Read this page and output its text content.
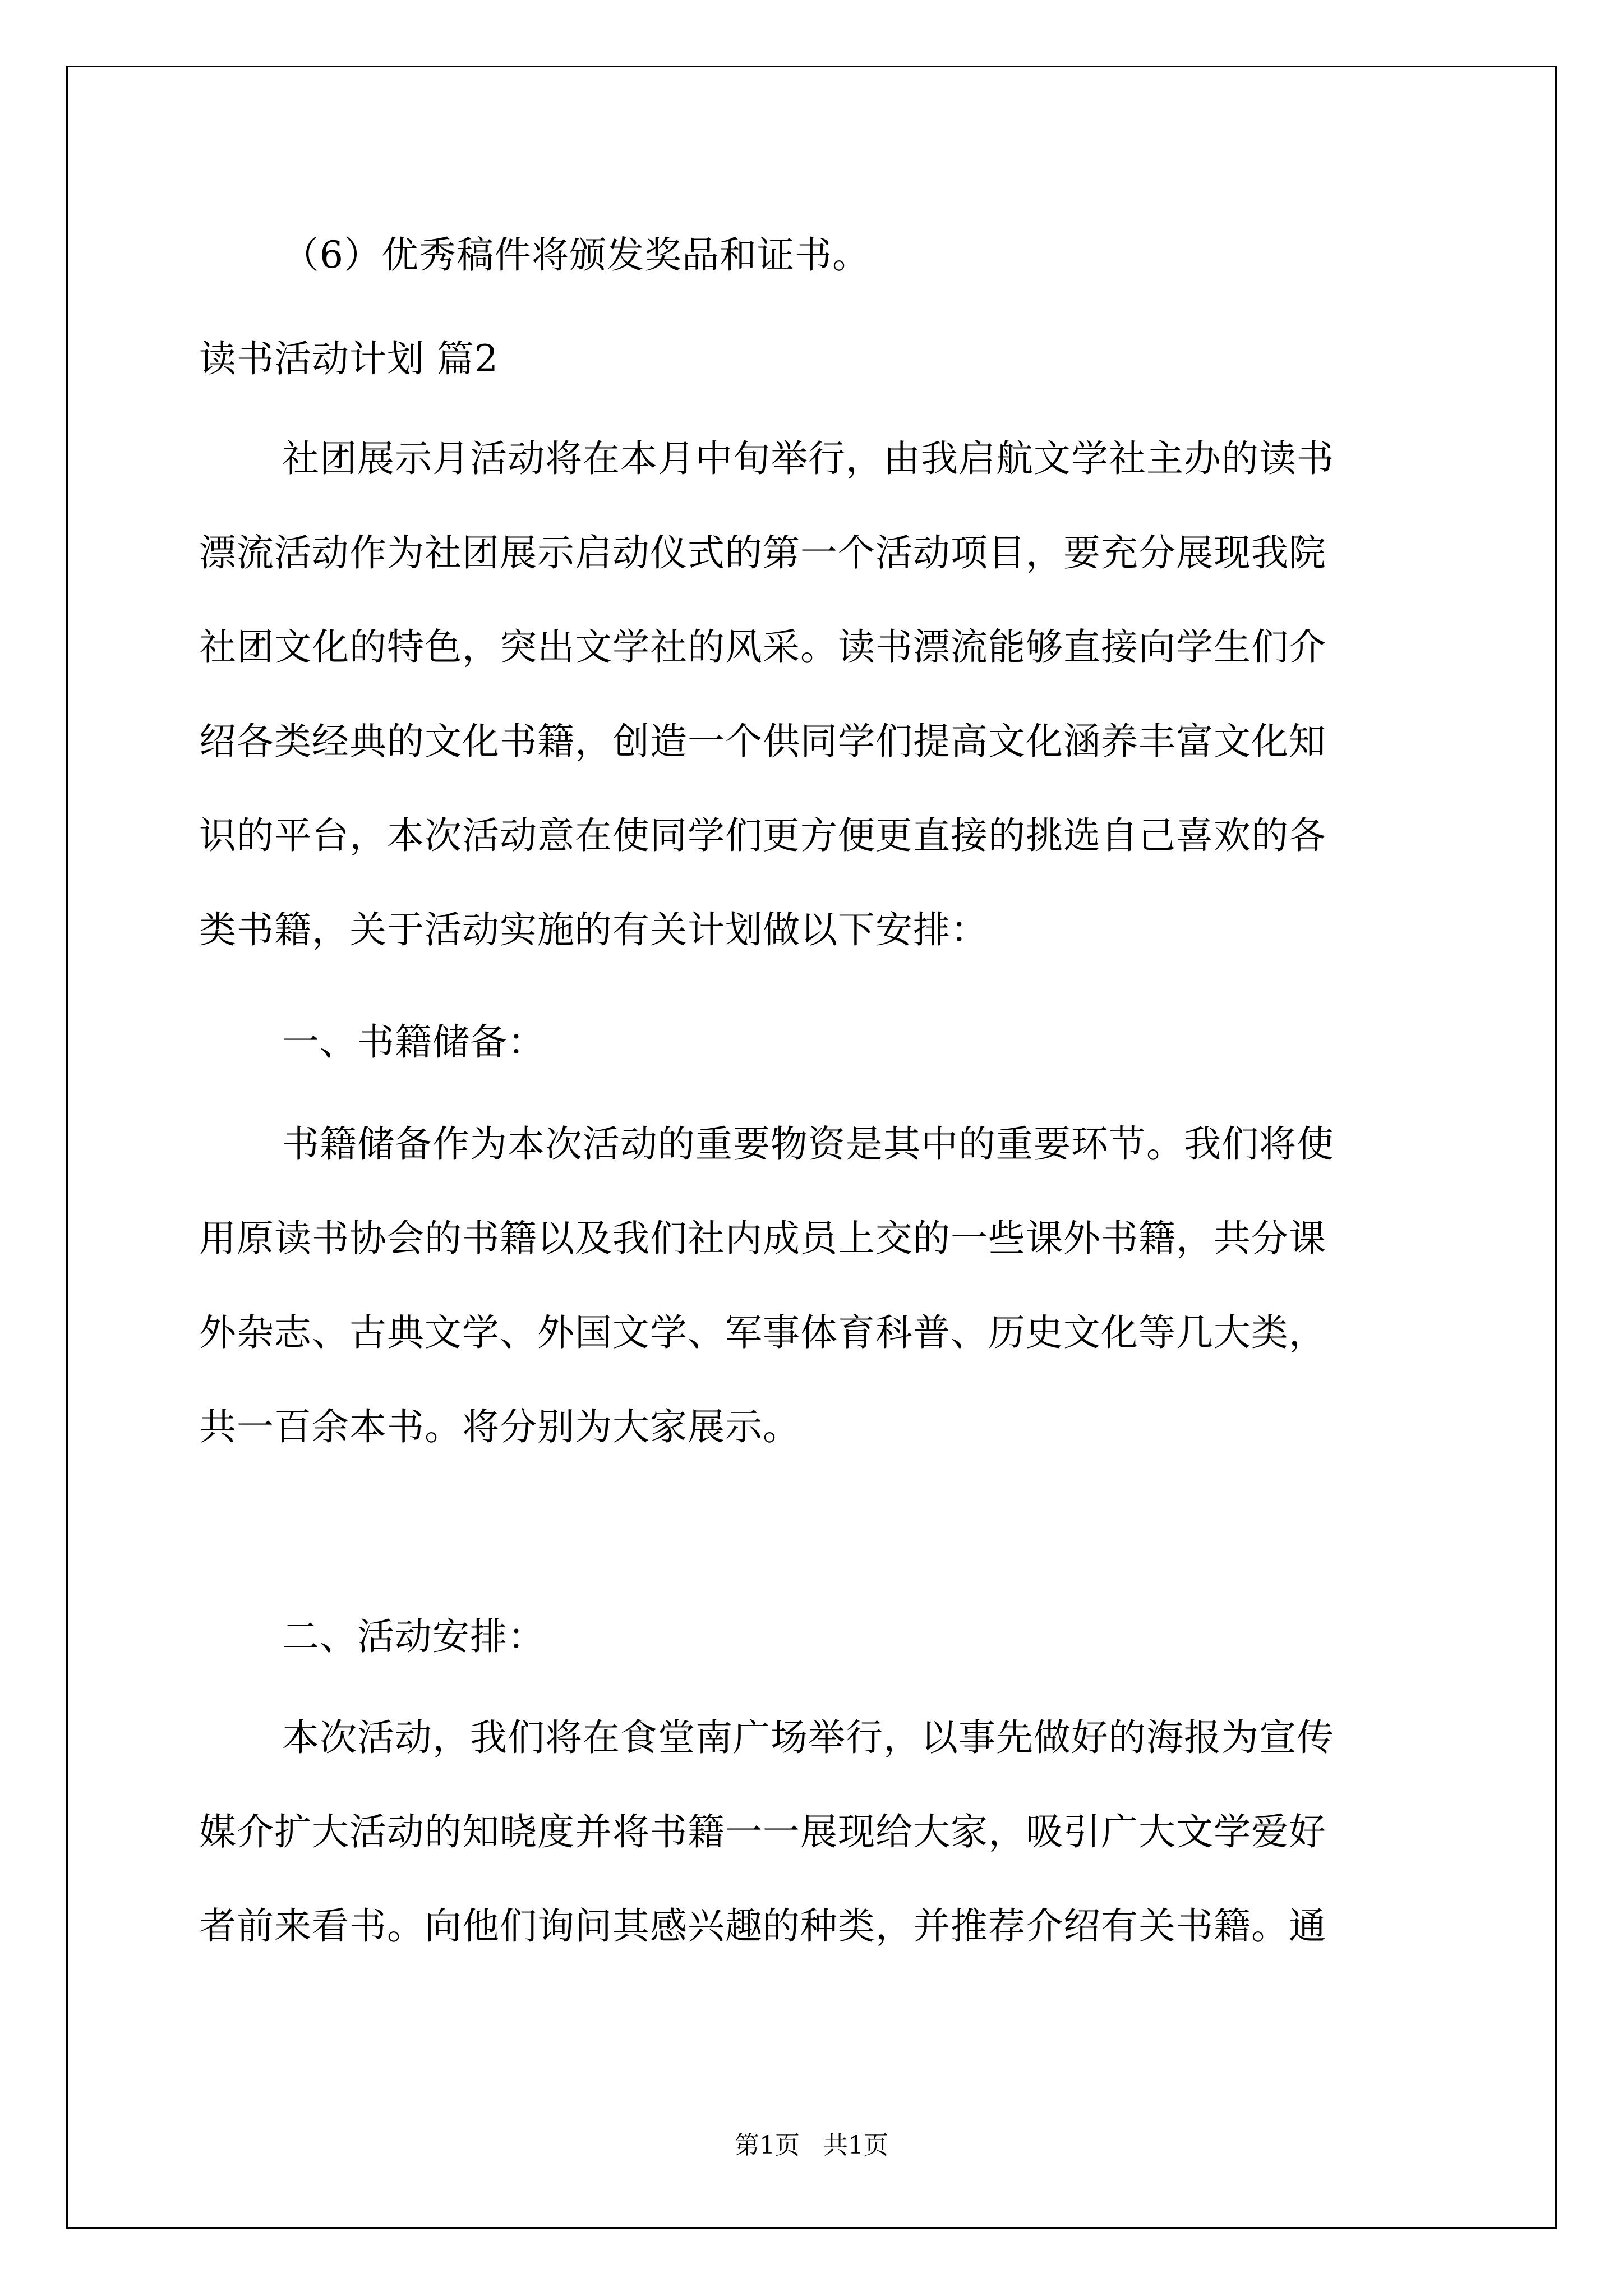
（6）优秀稿件将颁发奖品和证书。
读书活动计划 篇2
社团展示月活动将在本月中旬举行，由我启航文学社主办的读书
漂流活动作为社团展示启动仪式的第一个活动项目，要充分展现我院
社团文化的特色，突出文学社的风采。读书漂流能够直接向学生们介
绍各类经典的文化书籍，创造一个供同学们提高文化涵养丰富文化知
识的平台，本次活动意在使同学们更方便更直接的挑选自己喜欢的各
类书籍，关于活动实施的有关计划做以下安排：
一、书籍储备：
书籍储备作为本次活动的重要物资是其中的重要环节。我们将使
用原读书协会的书籍以及我们社内成员上交的一些课外书籍，共分课
外杂志、古典文学、外国文学、军事体育科普、历史文化等几大类，
共一百余本书。将分别为大家展示。
二、活动安排：
本次活动，我们将在食堂南广场举行，以事先做好的海报为宣传
媒介扩大活动的知晓度并将书籍一一展现给大家，吸引广大文学爱好
者前来看书。向他们询问其感兴趣的种类，并推荐介绍有关书籍。通
第1页   共1页
